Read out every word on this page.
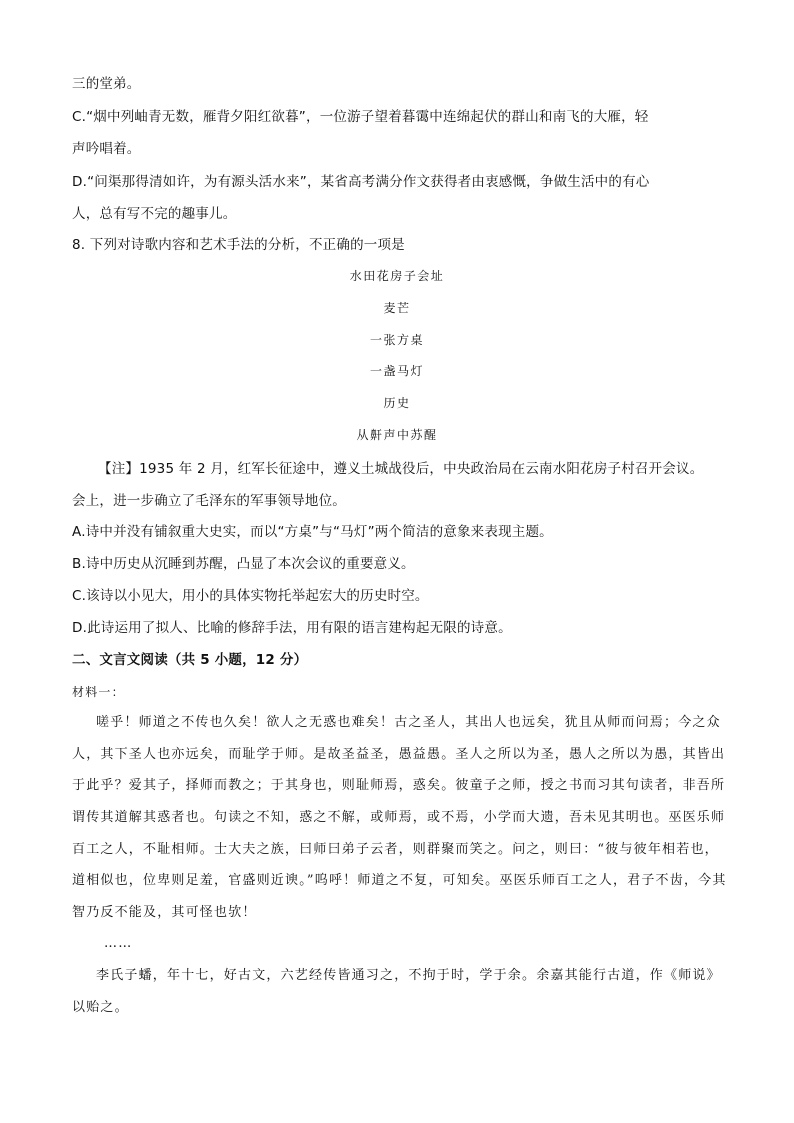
三的堂弟。
C.“烟中列岫青无数，雁背夕阳红欲暮”，一位游子望着暮霭中连绵起伏的群山和南飞的大雁，轻
声吟唱着。
D.“问渠那得清如许，为有源头活水来”，某省高考满分作文获得者由衷感慨，争做生活中的有心
人，总有写不完的趣事儿。
8. 下列对诗歌内容和艺术手法的分析，不正确的一项是
水田花房子会址
麦芒
一张方桌
一盏马灯
历史
从鼾声中苏醒
【注】1935 年 2 月，红军长征途中，遵义土城战役后，中央政治局在云南水阳花房子村召开会议。
会上，进一步确立了毛泽东的军事领导地位。
A.诗中并没有铺叙重大史实，而以“方桌”与“马灯”两个简洁的意象来表现主题。
B.诗中历史从沉睡到苏醒，凸显了本次会议的重要意义。
C.该诗以小见大，用小的具体实物托举起宏大的历史时空。
D.此诗运用了拟人、比喻的修辞手法，用有限的语言建构起无限的诗意。
二、文言文阅读（共 5 小题，12 分）
材料一：
嗟乎！师道之不传也久矣！欲人之无惑也难矣！古之圣人，其出人也远矣，犹且从师而问焉；今之众
人，其下圣人也亦远矣，而耻学于师。是故圣益圣，愚益愚。圣人之所以为圣，愚人之所以为愚，其皆出
于此乎？爱其子，择师而教之；于其身也，则耻师焉，惑矣。彼童子之师，授之书而习其句读者，非吾所
谓传其道解其惑者也。句读之不知，惑之不解，或师焉，或不焉，小学而大遗，吾未见其明也。巫医乐师
百工之人，不耻相师。士大夫之族，曰师曰弟子云者，则群聚而笑之。问之，则曰：“彼与彼年相若也，
道相似也，位卑则足羞，官盛则近谀。”呜呼！师道之不复，可知矣。巫医乐师百工之人，君子不齿，今其
智乃反不能及，其可怪也欤！
……
李氏子蟠，年十七，好古文，六艺经传皆通习之，不拘于时，学于余。余嘉其能行古道，作《师说》
以贻之。
